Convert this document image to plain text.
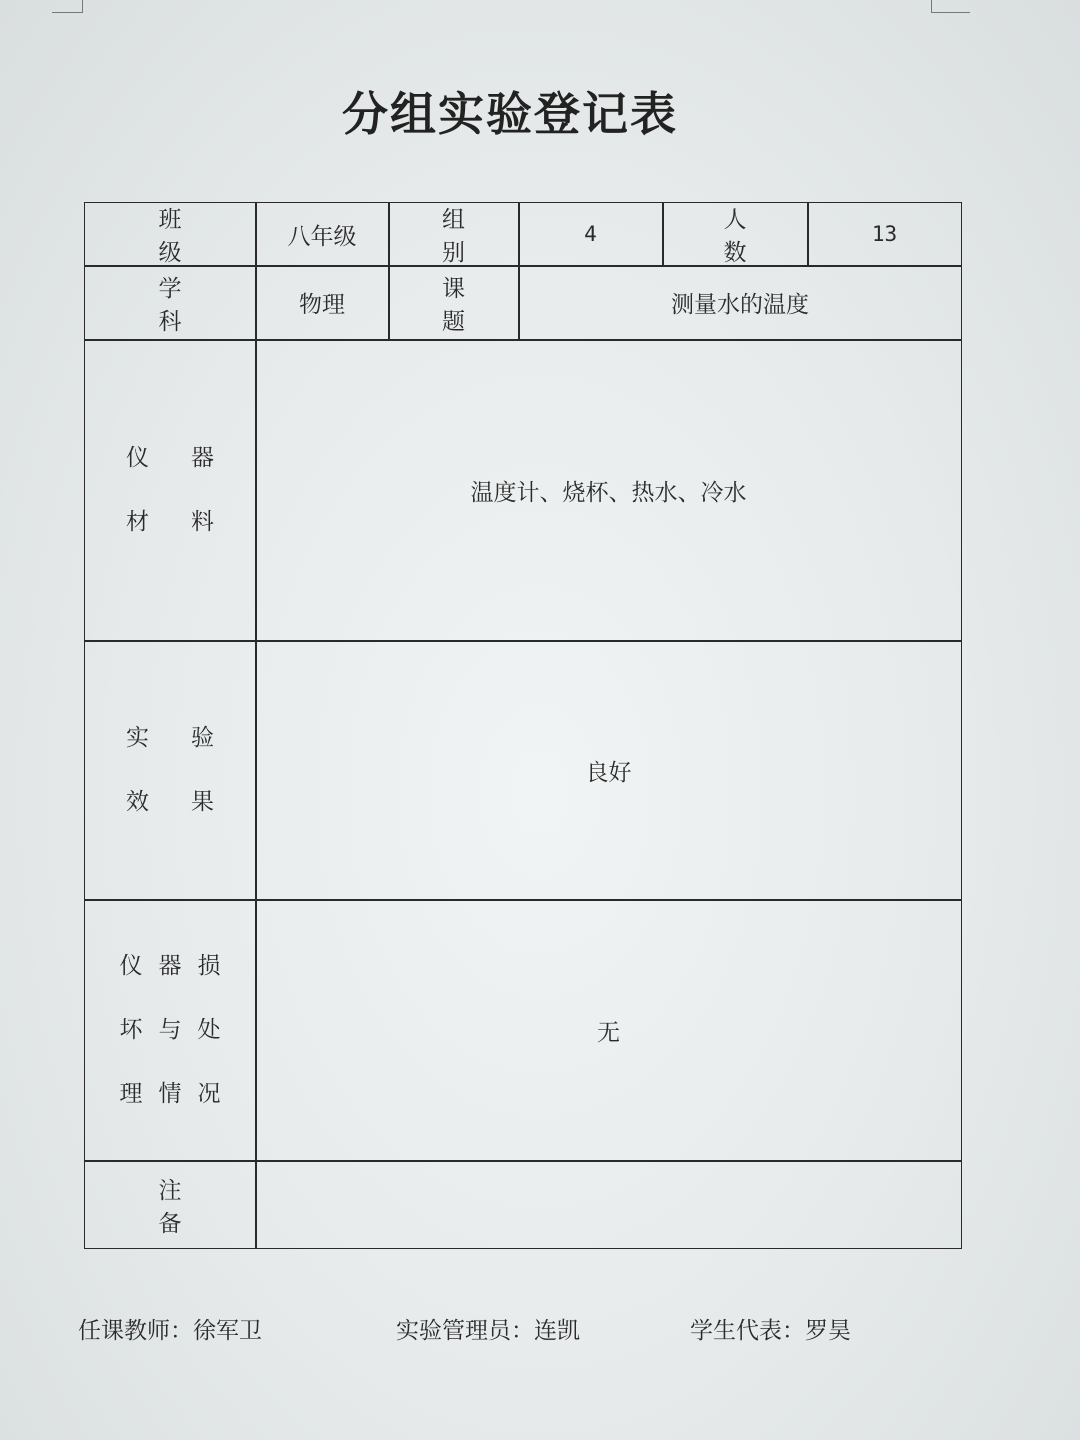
分组实验登记表
班级
八年级
组别
4
人数
13
学科
物理
课题
测量水的温度
仪器
材料
温度计、烧杯、热水、冷水
实验
效果
良好
仪器损
坏与处
理情况
无
注备
任课教师：徐军卫	实验管理员：连凯	学生代表：罗昊
